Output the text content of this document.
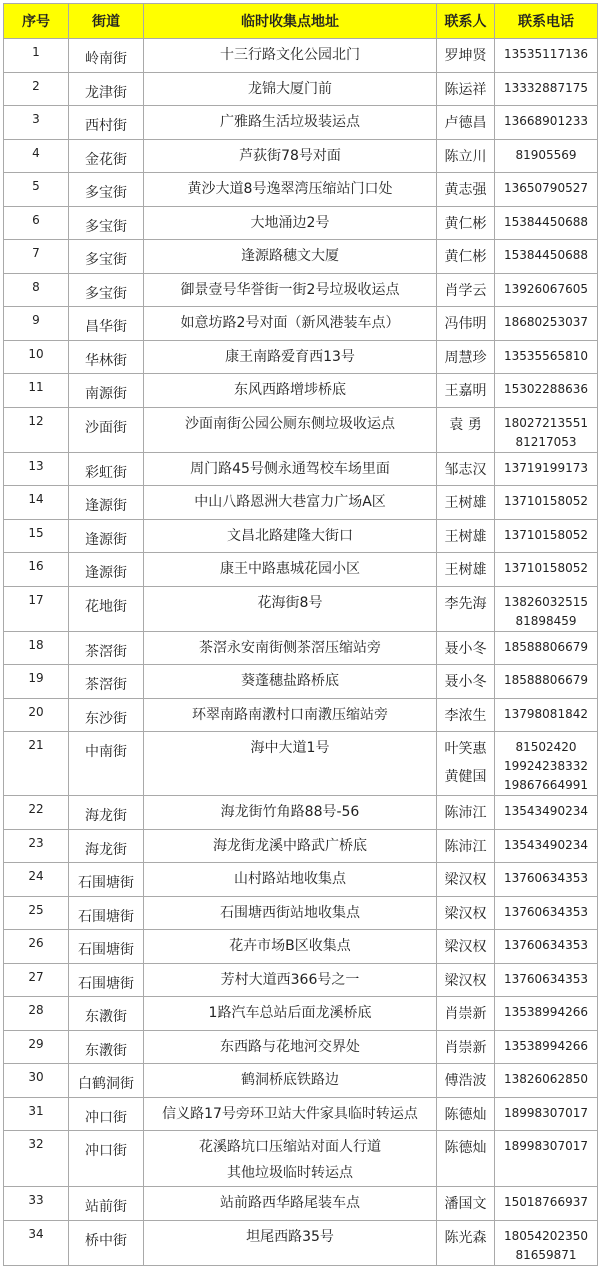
序号	街道	临时收集点地址	联系人	联系电话
1	岭南街	十三行路文化公园北门	罗坤贤	13535117136

2	龙津街	龙锦大厦门前	陈运祥	13332887175

3	西村街	广雅路生活垃圾装运点	卢德昌	13668901233

4	金花街	芦荻街78号对面	陈立川	81905569

5	多宝街	黄沙大道8号逸翠湾压缩站门口处	黄志强	13650790527

6	多宝街	大地涌边2号	黄仁彬	15384450688

7	多宝街	逢源路穗文大厦	黄仁彬	15384450688

8	多宝街	御景壹号华誉街一街2号垃圾收运点	肖学云	13926067605

9	昌华街	如意坊路2号对面（新风港装车点）	冯伟明	18680253037

10	华林街	康王南路爱育西13号	周慧珍	13535565810

11	南源街	东风西路增埗桥底	王嘉明	15302288636

12	沙面街	沙面南街公园公厕东侧垃圾收运点	袁 勇	18027213551
81217053

13	彩虹街	周门路45号侧永通驾校车场里面	邹志汉	13719199173

14	逢源街	中山八路恩洲大巷富力广场A区	王树雄	13710158052

15	逢源街	文昌北路建隆大街口	王树雄	13710158052

16	逢源街	康王中路惠城花园小区	王树雄	13710158052

17	花地街	花海街8号	李先海	13826032515
81898459

18	茶滘街	茶滘永安南街侧茶滘压缩站旁	聂小冬	18588806679

19	茶滘街	葵蓬穗盐路桥底	聂小冬	18588806679

20	东沙街	环翠南路南漖村口南漖压缩站旁	李浓生	13798081842

21	中南街	海中大道1号	叶笑惠
黄健国	81502420
19924238332
19867664991

22	海龙街	海龙街竹角路88号-56	陈沛江	13543490234

23	海龙街	海龙街龙溪中路武广桥底	陈沛江	13543490234

24	石围塘街	山村路站地收集点	梁汉权	13760634353

25	石围塘街	石围塘西街站地收集点	梁汉权	13760634353

26	石围塘街	花卉市场B区收集点	梁汉权	13760634353

27	石围塘街	芳村大道西366号之一	梁汉权	13760634353

28	东漖街	1路汽车总站后面龙溪桥底	肖崇新	13538994266

29	东漖街	东西路与花地河交界处	肖崇新	13538994266

30	白鹤洞街	鹤洞桥底铁路边	傅浩波	13826062850

31	冲口街	信义路17号旁环卫站大件家具临时转运点	陈德灿	18998307017

32	冲口街	花溪路坑口压缩站对面人行道
其他垃圾临时转运点	陈德灿	18998307017

33	站前街	站前路西华路尾装车点	潘国文	15018766937

34	桥中街	坦尾西路35号	陈光森	18054202350
81659871
